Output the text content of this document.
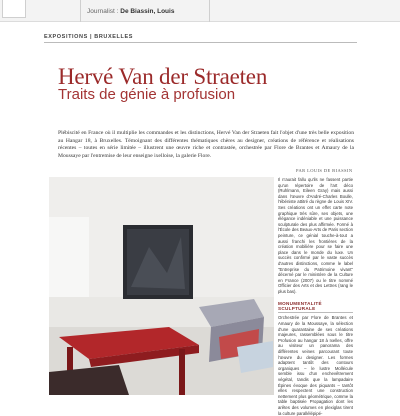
Journalist : De Biassin, Louis
EXPOSITIONS | BRUXELLES
Hervé Van der Straeten
Traits de génie à profusion

Plébiscité en France où il multiplie les commandes et les distinctions, Hervé Van der Straeten fait l'objet d'une très belle exposition au Hangar 18, à Bruxelles. Témoignant des différentes thématiques chères au designer, créations de référence et réalisations récentes – toutes en série limitée – illustrent une œuvre riche et contrastée, orchestrée par Flore de Brantes et Amaury de la Moussaye par l'entremise de leur enseigne ixelloise, la galerie Flore.

PAR LOUIS DE BIASSIN

Il n'aurait fallu qu'ils ne fassent partie qu'un répertoire de l'art déco (Ruhlmann, Eileen Gray) mais aussi dans l'œuvre d'André-Charles Boulle, l'ébéniste attitré du règne de Louis XIV. Ses créations ont un effet carte note graphique très sûre, ses objets, une élégance indéniable et une puissance sculpturale des plus affirmée. Formé à l'École des Beaux-Arts de Paris section peinture, ce génial touche-à-tout a aussi franchi les frontières de la création mobilière pour se faire une place dans le monde du luxe. Un succès confirmé par le vaste succès d'autres distinctions, comme le label "Entreprise du Patrimoine vivant" décerné par le ministère de la Culture en France (2007) ou le titre nommé Officier des Arts et des Lettres (rang le plus bas).

MONUMENTALITÉ SCULPTURALE

Orchestrée par Flore de Brantes et Amaury de la Moussaye, la sélection d'une quarantaine de ses créations majeures, rassemblées sous le titre Profusion au hangar 18 à Ixelles, offre au visiteur un panorama des différentes veines parcourant toute l'œuvre du designer. Les formes adaptent tantôt des contours organiques – le lustre Mollécule semble issu d'un enchevêtrement végétal, tandis que la lampadaire Épines évoque des piquants – tantôt elles respectent une construction nettement plus géométrique, comme la table baptisée Propagation dont les arêtes des volumes en plexiglas tirent la culture parallélépipé-
